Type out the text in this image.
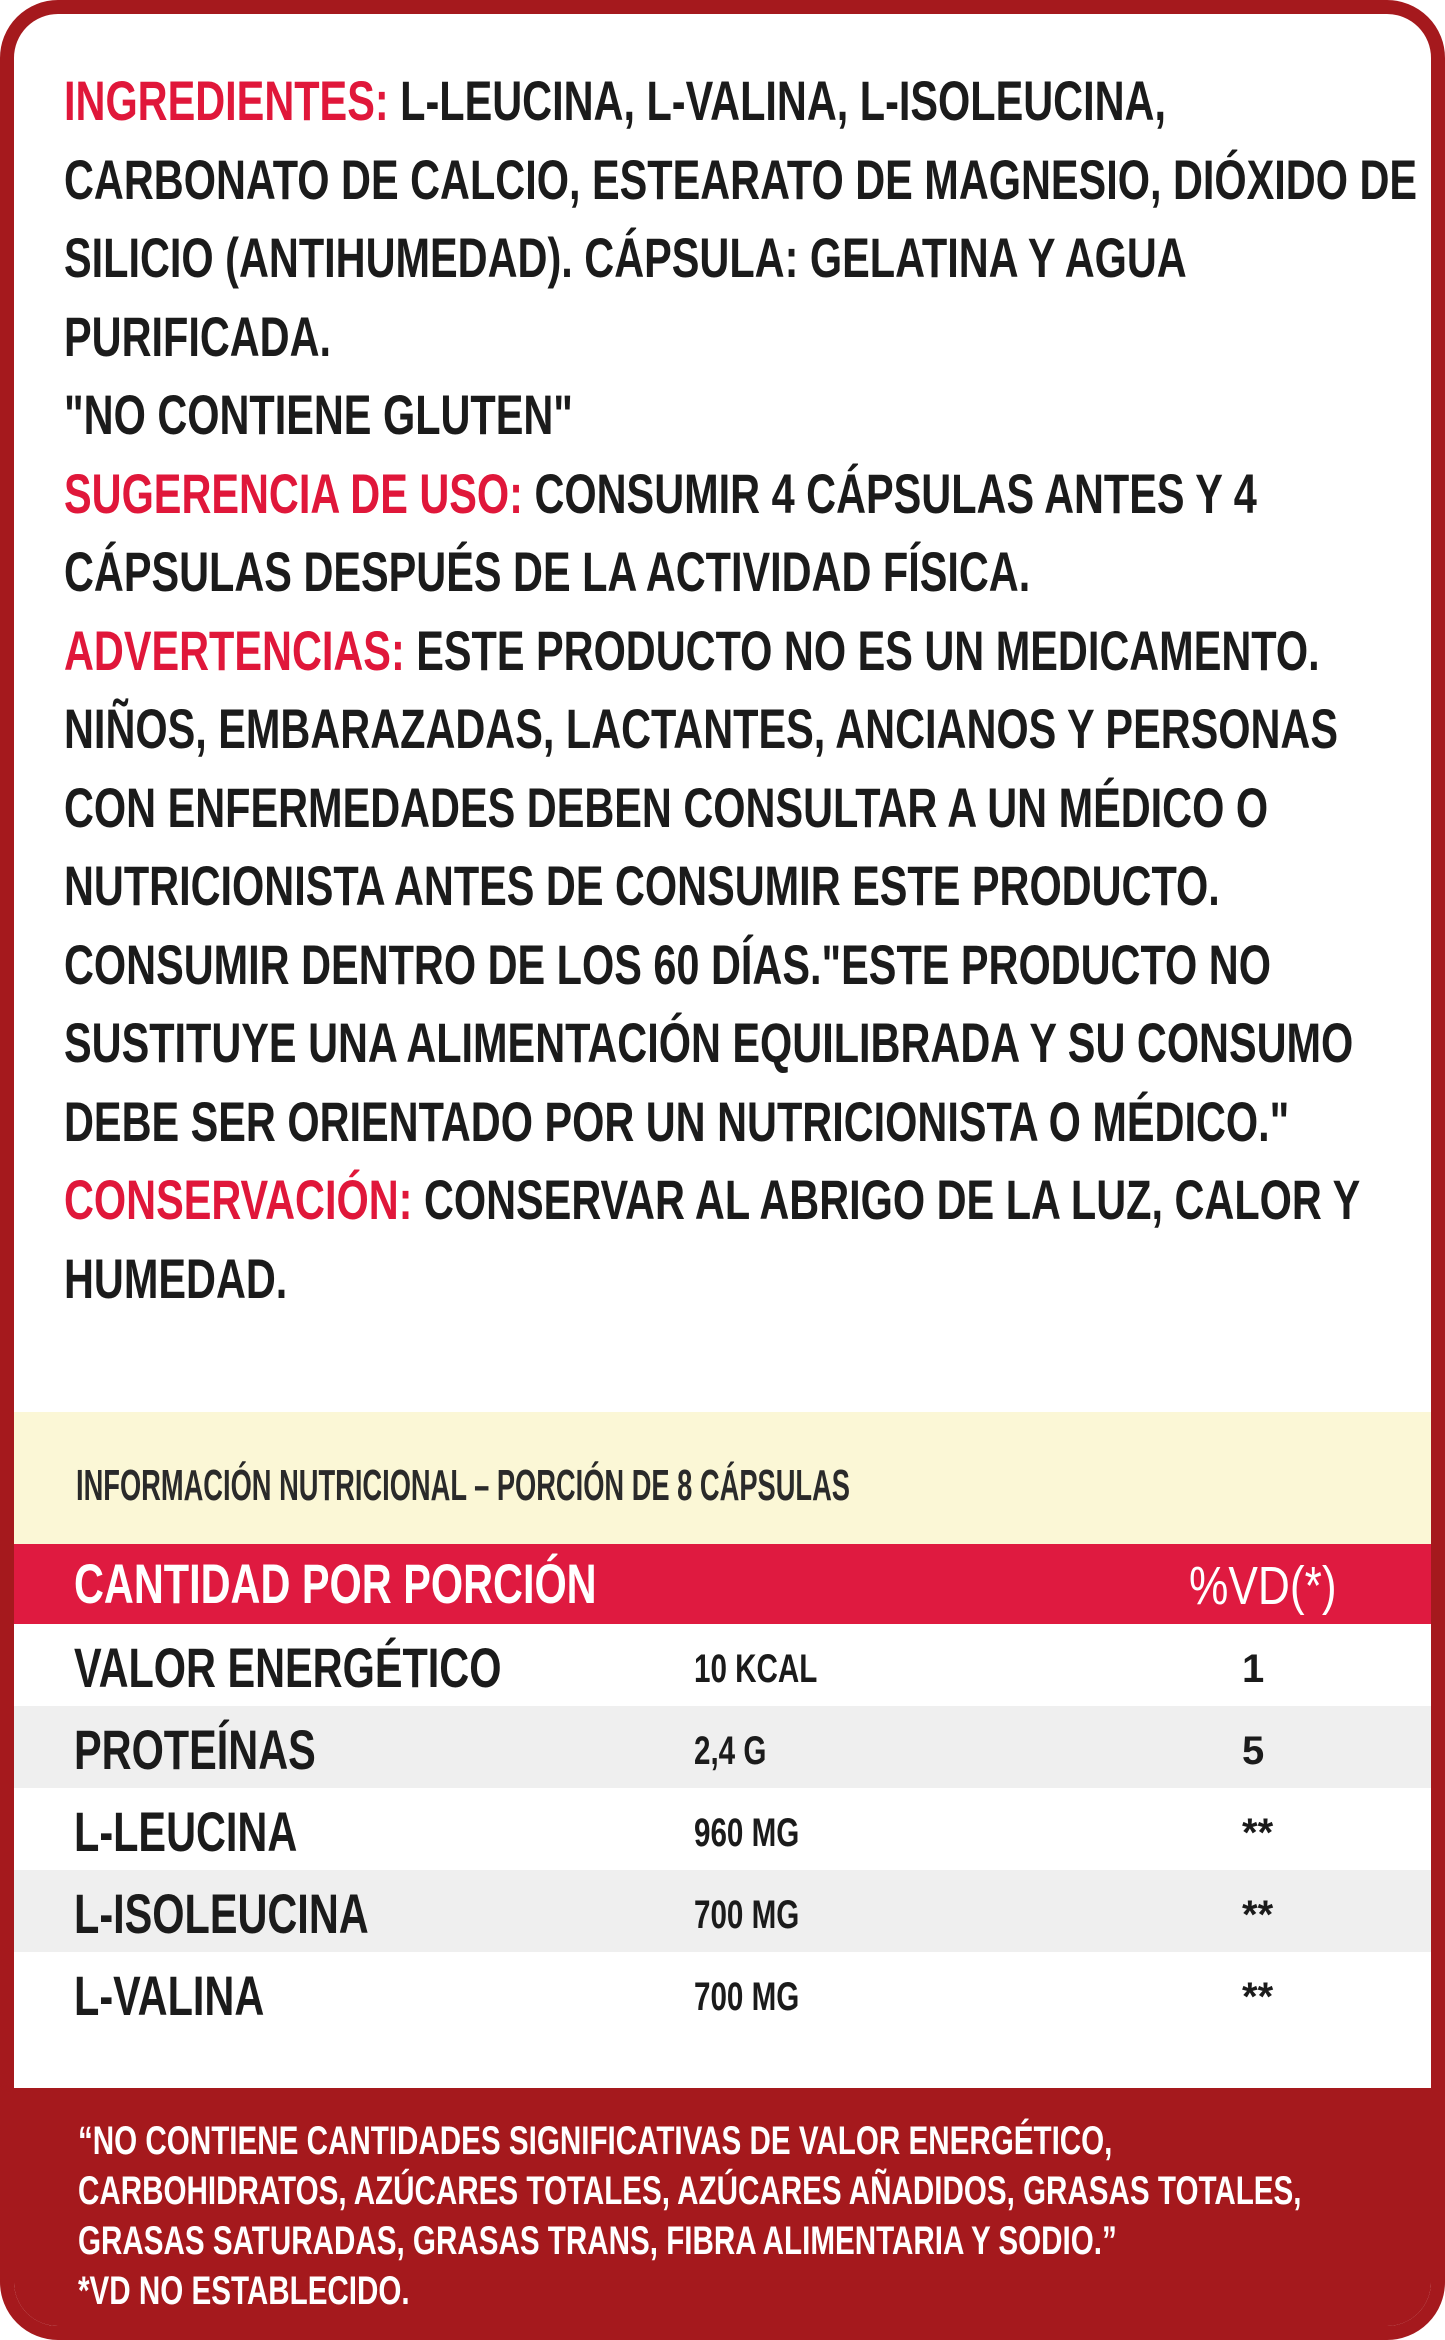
INGREDIENTES: L-LEUCINA, L-VALINA, L-ISOLEUCINA, CARBONATO DE CALCIO, ESTEARATO DE MAGNESIO, DIÓXIDO DE SILICIO (ANTIHUMEDAD). CÁPSULA: GELATINA Y AGUA PURIFICADA.

"NO CONTIENE GLUTEN"

SUGERENCIA DE USO: CONSUMIR 4 CÁPSULAS ANTES Y 4 CÁPSULAS DESPUÉS DE LA ACTIVIDAD FÍSICA.

ADVERTENCIAS: ESTE PRODUCTO NO ES UN MEDICAMENTO. NIÑOS, EMBARAZADAS, LACTANTES, ANCIANOS Y PERSONAS CON ENFERMEDADES DEBEN CONSULTAR A UN MÉDICO O NUTRICIONISTA ANTES DE CONSUMIR ESTE PRODUCTO. CONSUMIR DENTRO DE LOS 60 DÍAS."ESTE PRODUCTO NO SUSTITUYE UNA ALIMENTACIÓN EQUILIBRADA Y SU CONSUMO DEBE SER ORIENTADO POR UN NUTRICIONISTA O MÉDICO."

CONSERVACIÓN: CONSERVAR AL ABRIGO DE LA LUZ, CALOR Y HUMEDAD.

INFORMACIÓN NUTRICIONAL – PORCIÓN DE 8 CÁPSULAS
CANTIDAD POR PORCIÓN	%VD(*)
VALOR ENERGÉTICO	10 KCAL	1
PROTEÍNAS	2,4 G	5
L-LEUCINA	960 MG	**
L-ISOLEUCINA	700 MG	**
L-VALINA	700 MG	**

“NO CONTIENE CANTIDADES SIGNIFICATIVAS DE VALOR ENERGÉTICO, CARBOHIDRATOS, AZÚCARES TOTALES, AZÚCARES AÑADIDOS, GRASAS TOTALES, GRASAS SATURADAS, GRASAS TRANS, FIBRA ALIMENTARIA Y SODIO.”

*VD NO ESTABLECIDO.
